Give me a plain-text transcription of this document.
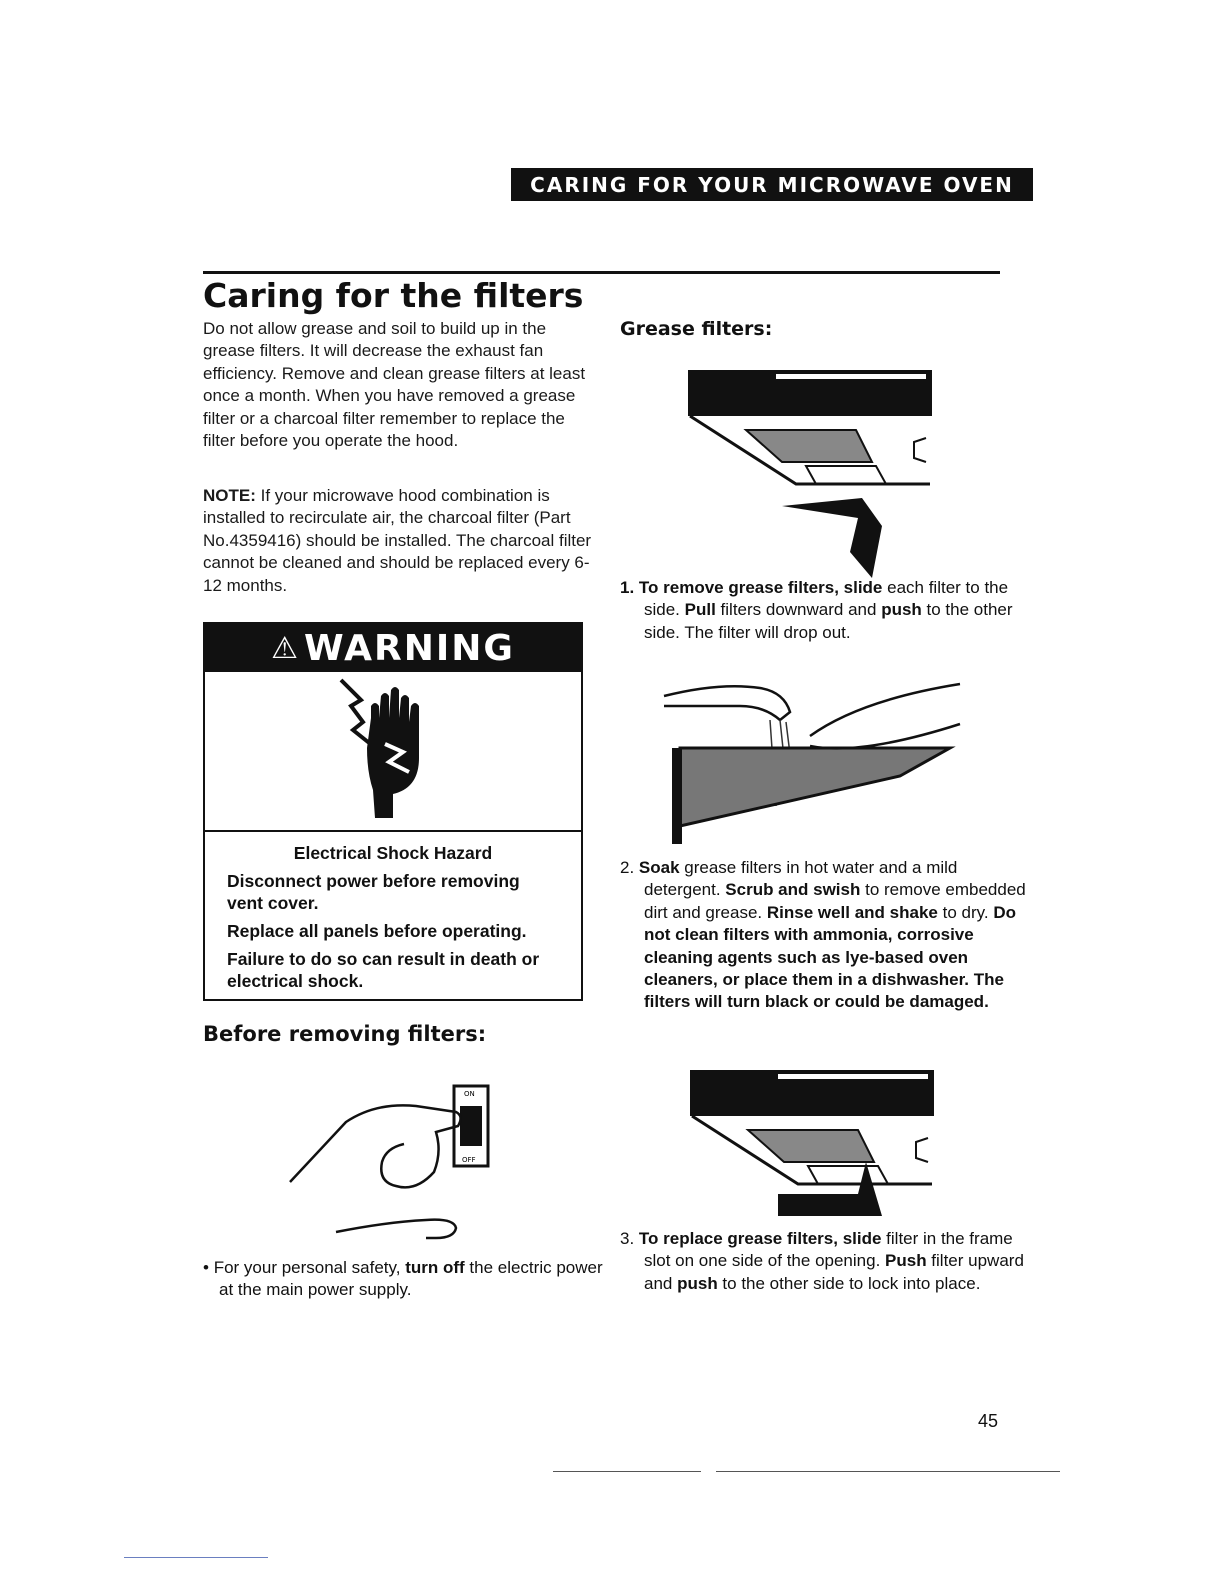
CARING FOR YOUR MICROWAVE OVEN
Caring for the filters

Do not allow grease and soil to build up in the grease filters. It will decrease the exhaust fan efficiency. Remove and clean grease filters at least once a month. When you have removed a grease filter or a charcoal filter remember to replace the filter before you operate the hood.

NOTE: If your microwave hood combination is installed to recirculate air, the charcoal filter (Part No.4359416) should be installed. The charcoal filter cannot be cleaned and should be replaced every 6-12 months.

⚠ WARNING

Electrical Shock Hazard

Disconnect power before removing vent cover.

Replace all panels before operating.

Failure to do so can result in death or electrical shock.

Before removing filters:
ON
OFF

• For your personal safety, turn off the electric power at the main power supply.

Grease filters:

1. To remove grease filters, slide each filter to the side. Pull filters downward and push to the other side. The filter will drop out.

2. Soak grease filters in hot water and a mild detergent. Scrub and swish to remove embedded dirt and grease. Rinse well and shake to dry. Do not clean filters with ammonia, corrosive cleaning agents such as lye-based oven cleaners, or place them in a dishwasher. The filters will turn black or could be damaged.

3. To replace grease filters, slide filter in the frame slot on one side of the opening. Push filter upward and push to the other side to lock into place.

45
